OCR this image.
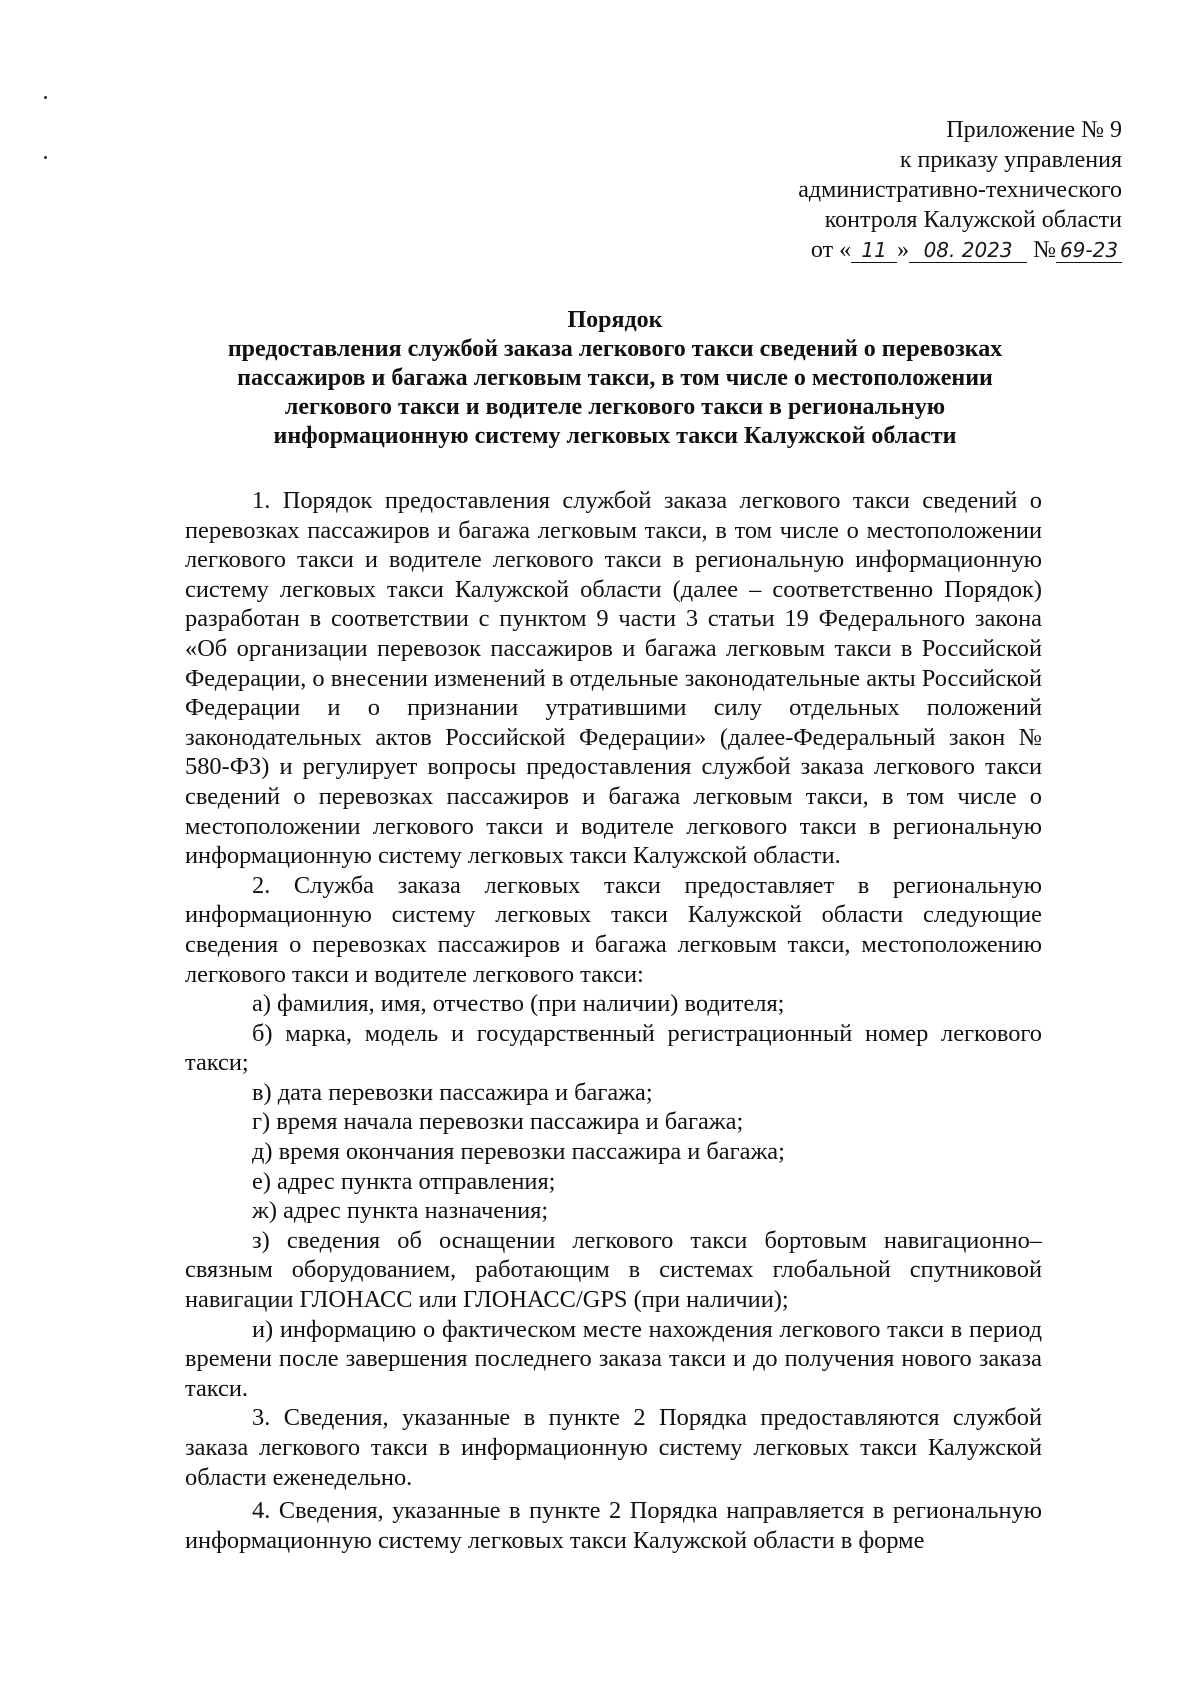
Приложение № 9
к приказу управления
административно-технического
контроля Калужской области
от « 11 » 08. 2023 № 69-23
Порядок
предоставления службой заказа легкового такси сведений о перевозках
пассажиров и багажа легковым такси, в том числе о местоположении
легкового такси и водителе легкового такси в региональную
информационную систему легковых такси Калужской области

1. Порядок предоставления службой заказа легкового такси сведений о перевозках пассажиров и багажа легковым такси, в том числе о местоположении легкового такси и водителе легкового такси в региональную информационную систему легковых такси Калужской области (далее – соответственно Порядок) разработан в соответствии с пунктом 9 части 3 статьи 19 Федерального закона «Об организации перевозок пассажиров и багажа легковым такси в Российской Федерации, о внесении изменений в отдельные законодательные акты Российской Федерации и о признании утратившими силу отдельных положений законодательных актов Российской Федерации» (далее-Федеральный закон № 580-ФЗ) и регулирует вопросы предоставления службой заказа легкового такси сведений о перевозках пассажиров и багажа легковым такси, в том числе о местоположении легкового такси и водителе легкового такси в региональную информационную систему легковых такси Калужской области.

2. Служба заказа легковых такси предоставляет в региональную информационную систему легковых такси Калужской области следующие сведения о перевозках пассажиров и багажа легковым такси, местоположению легкового такси и водителе легкового такси:

а) фамилия, имя, отчество (при наличии) водителя;

б) марка, модель и государственный регистрационный номер легкового такси;

в) дата перевозки пассажира и багажа;

г) время начала перевозки пассажира и багажа;

д) время окончания перевозки пассажира и багажа;

е) адрес пункта отправления;

ж) адрес пункта назначения;

з) сведения об оснащении легкового такси бортовым навигационно–связным оборудованием, работающим в системах глобальной спутниковой навигации ГЛОНАСС или ГЛОНАСС/GPS (при наличии);

и) информацию о фактическом месте нахождения легкового такси в период времени после завершения последнего заказа такси и до получения нового заказа такси.

3. Сведения, указанные в пункте 2 Порядка предоставляются службой заказа легкового такси в информационную систему легковых такси Калужской области еженедельно.

4. Сведения, указанные в пункте 2 Порядка направляется в региональную информационную систему легковых такси Калужской области в форме
